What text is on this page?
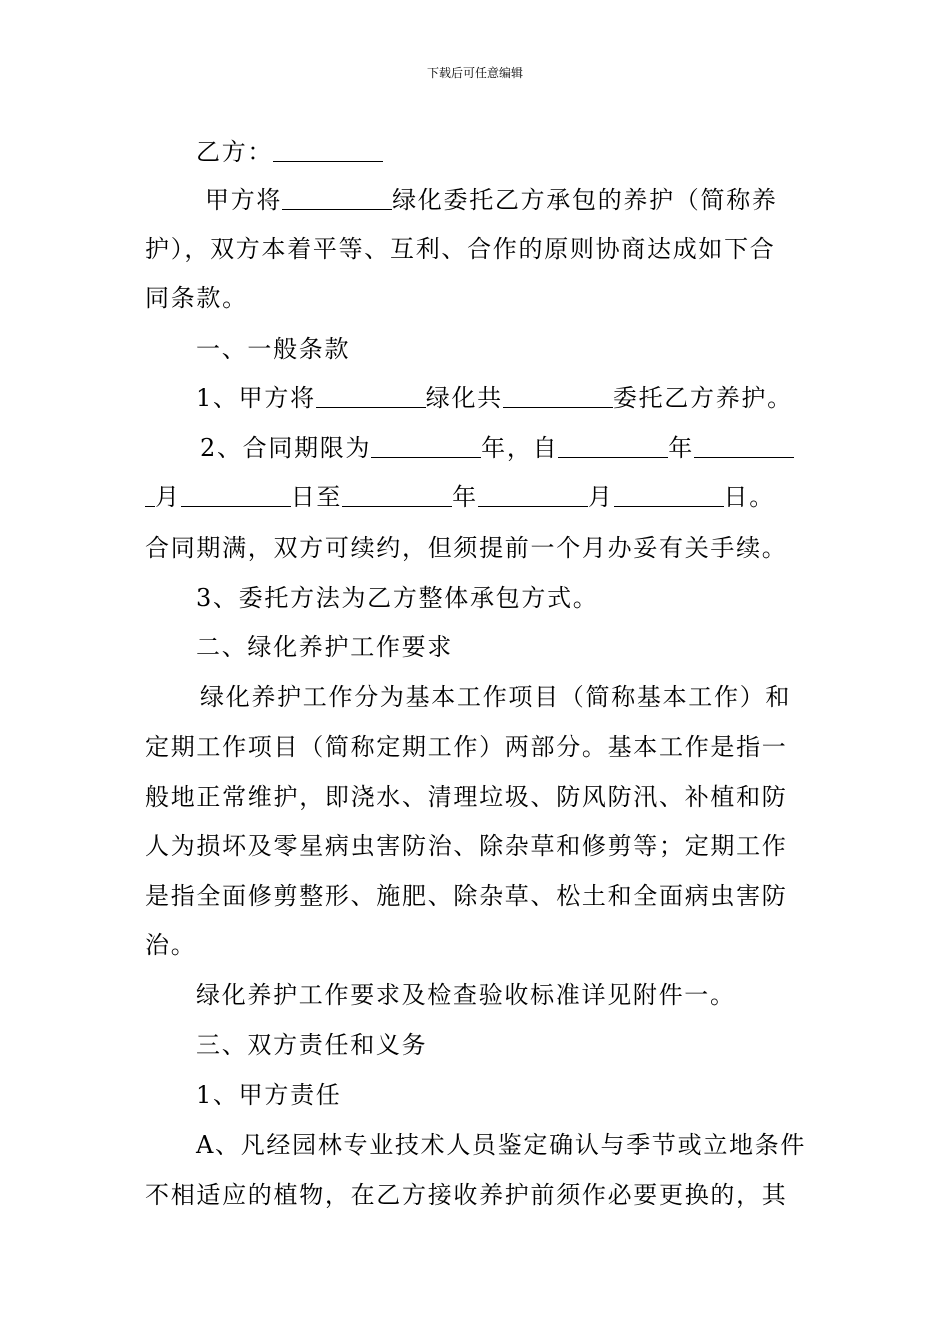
下载后可任意编辑
乙方：
甲方将	绿化委托乙方承包的养护（简称养
护），双方本着平等、互利、合作的原则协商达成如下合
同条款。
一、一般条款
1、甲方将	绿化共	委托乙方养护。
2、合同期限为	年，自	年
月	日至	年	月	日。
合同期满，双方可续约，但须提前一个月办妥有关手续。
3、委托方法为乙方整体承包方式。
二、绿化养护工作要求
绿化养护工作分为基本工作项目（简称基本工作）和
定期工作项目（简称定期工作）两部分。基本工作是指一
般地正常维护，即浇水、清理垃圾、防风防汛、补植和防
人为损坏及零星病虫害防治、除杂草和修剪等；定期工作
是指全面修剪整形、施肥、除杂草、松土和全面病虫害防
治。
绿化养护工作要求及检查验收标准详见附件一。
三、双方责任和义务
1、甲方责任
A、凡经园林专业技术人员鉴定确认与季节或立地条件
不相适应的植物，在乙方接收养护前须作必要更换的，其
